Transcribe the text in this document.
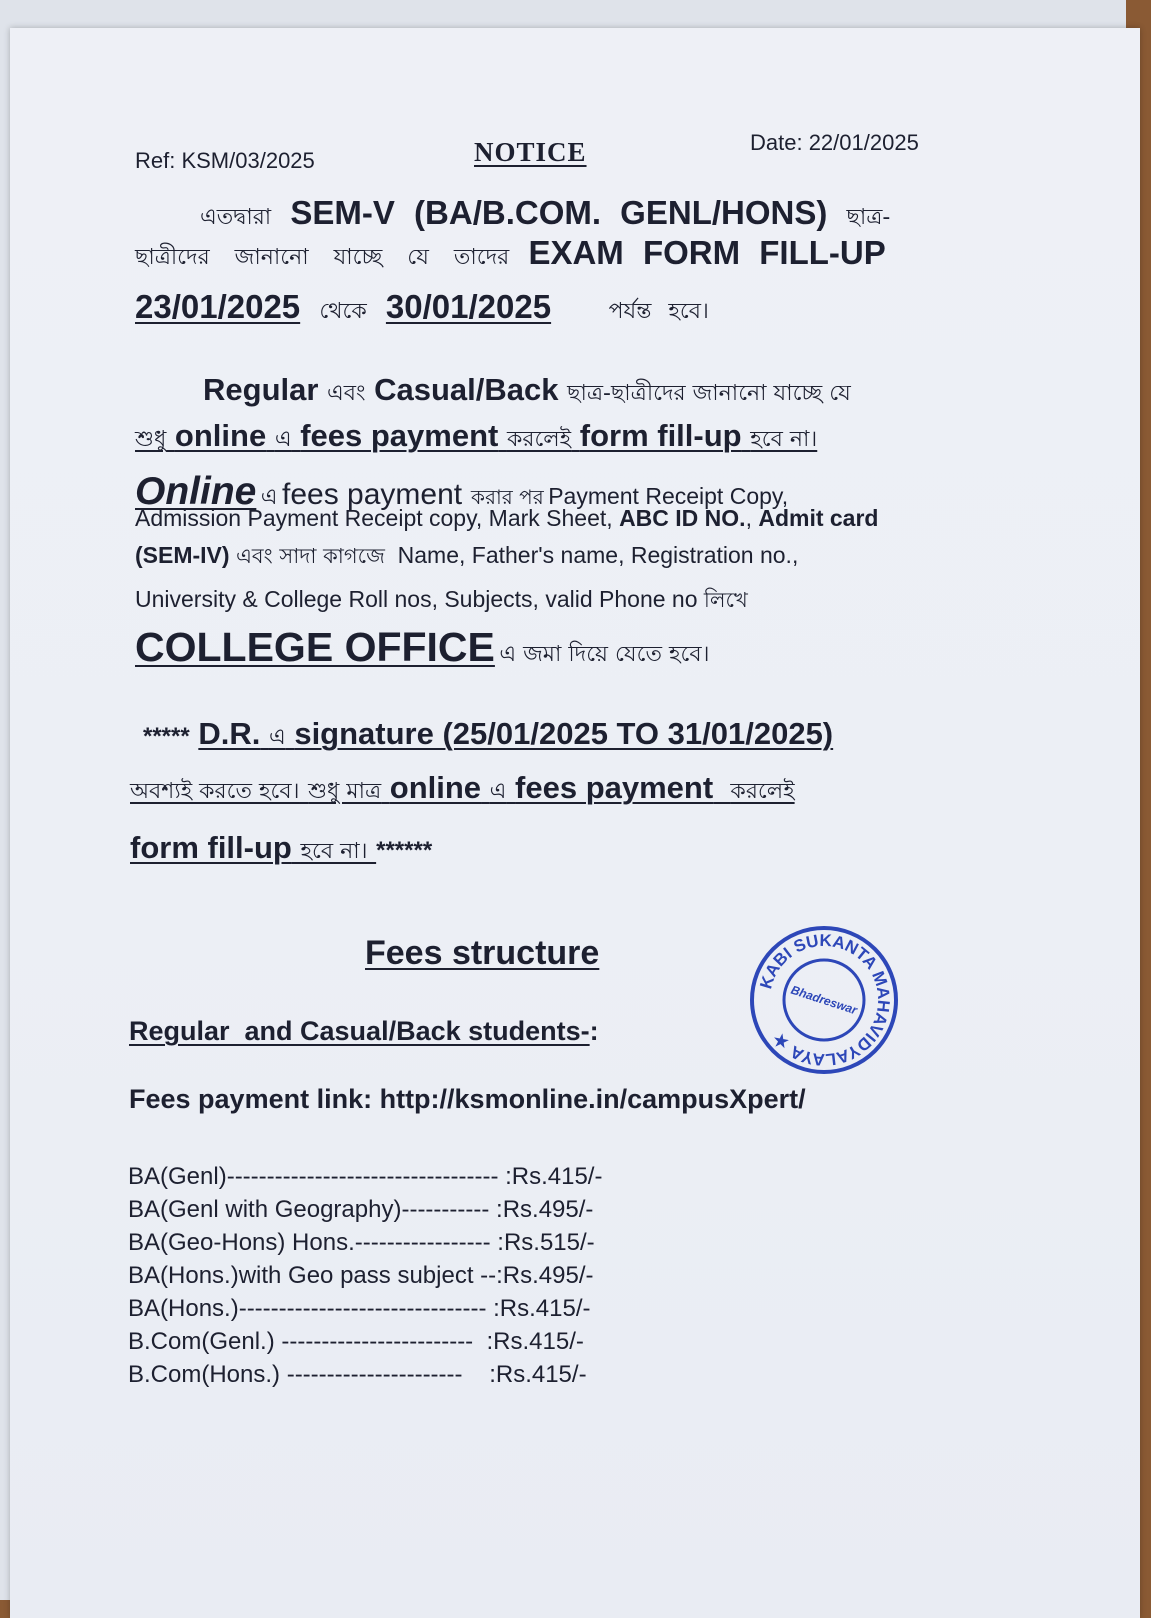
Ref: KSM/03/2025	NOTICE	Date: 22/01/2025
এতদ্বারা SEM-V (BA/B.COM. GENL/HONS) ছাত্র-
ছাত্রীদের জানানো যাচ্ছে যে তাদের EXAM FORM FILL-UP
23/01/2025 থেকে 30/01/2025	পর্যন্ত হবে।
Regular এবং Casual/Back ছাত্র-ছাত্রীদের জানানো যাচ্ছে যে
শুধু online এ fees payment করলেই form fill-up হবে না।
Online এ fees payment করার পর Payment Receipt Copy,
Admission Payment Receipt copy, Mark Sheet, ABC ID NO., Admit card
(SEM-IV) এবং সাদা কাগজে Name, Father's name, Registration no.,
University & College Roll nos, Subjects, valid Phone no লিখে
COLLEGE OFFICE এ জমা দিয়ে যেতে হবে।
***** D.R. এ signature (25/01/2025 TO 31/01/2025)
অবশ্যই করতে হবে। শুধু মাত্র online এ fees payment করলেই
form fill-up হবে না। ******
Fees structure
Regular  and Casual/Back students-:
Fees payment link: http://ksmonline.in/campusXpert/
BA(Genl)---------------------------------- :Rs.415/-
BA(Genl with Geography)----------- :Rs.495/-
BA(Geo-Hons) Hons.----------------- :Rs.515/-
BA(Hons.)with Geo pass subject --:Rs.495/-
BA(Hons.)------------------------------- :Rs.415/-
B.Com(Genl.) ------------------------  :Rs.415/-
B.Com(Hons.) ----------------------    :Rs.415/-
KABI SUKANTA MAHAVIDYALAYA ★
Bhadreswar
